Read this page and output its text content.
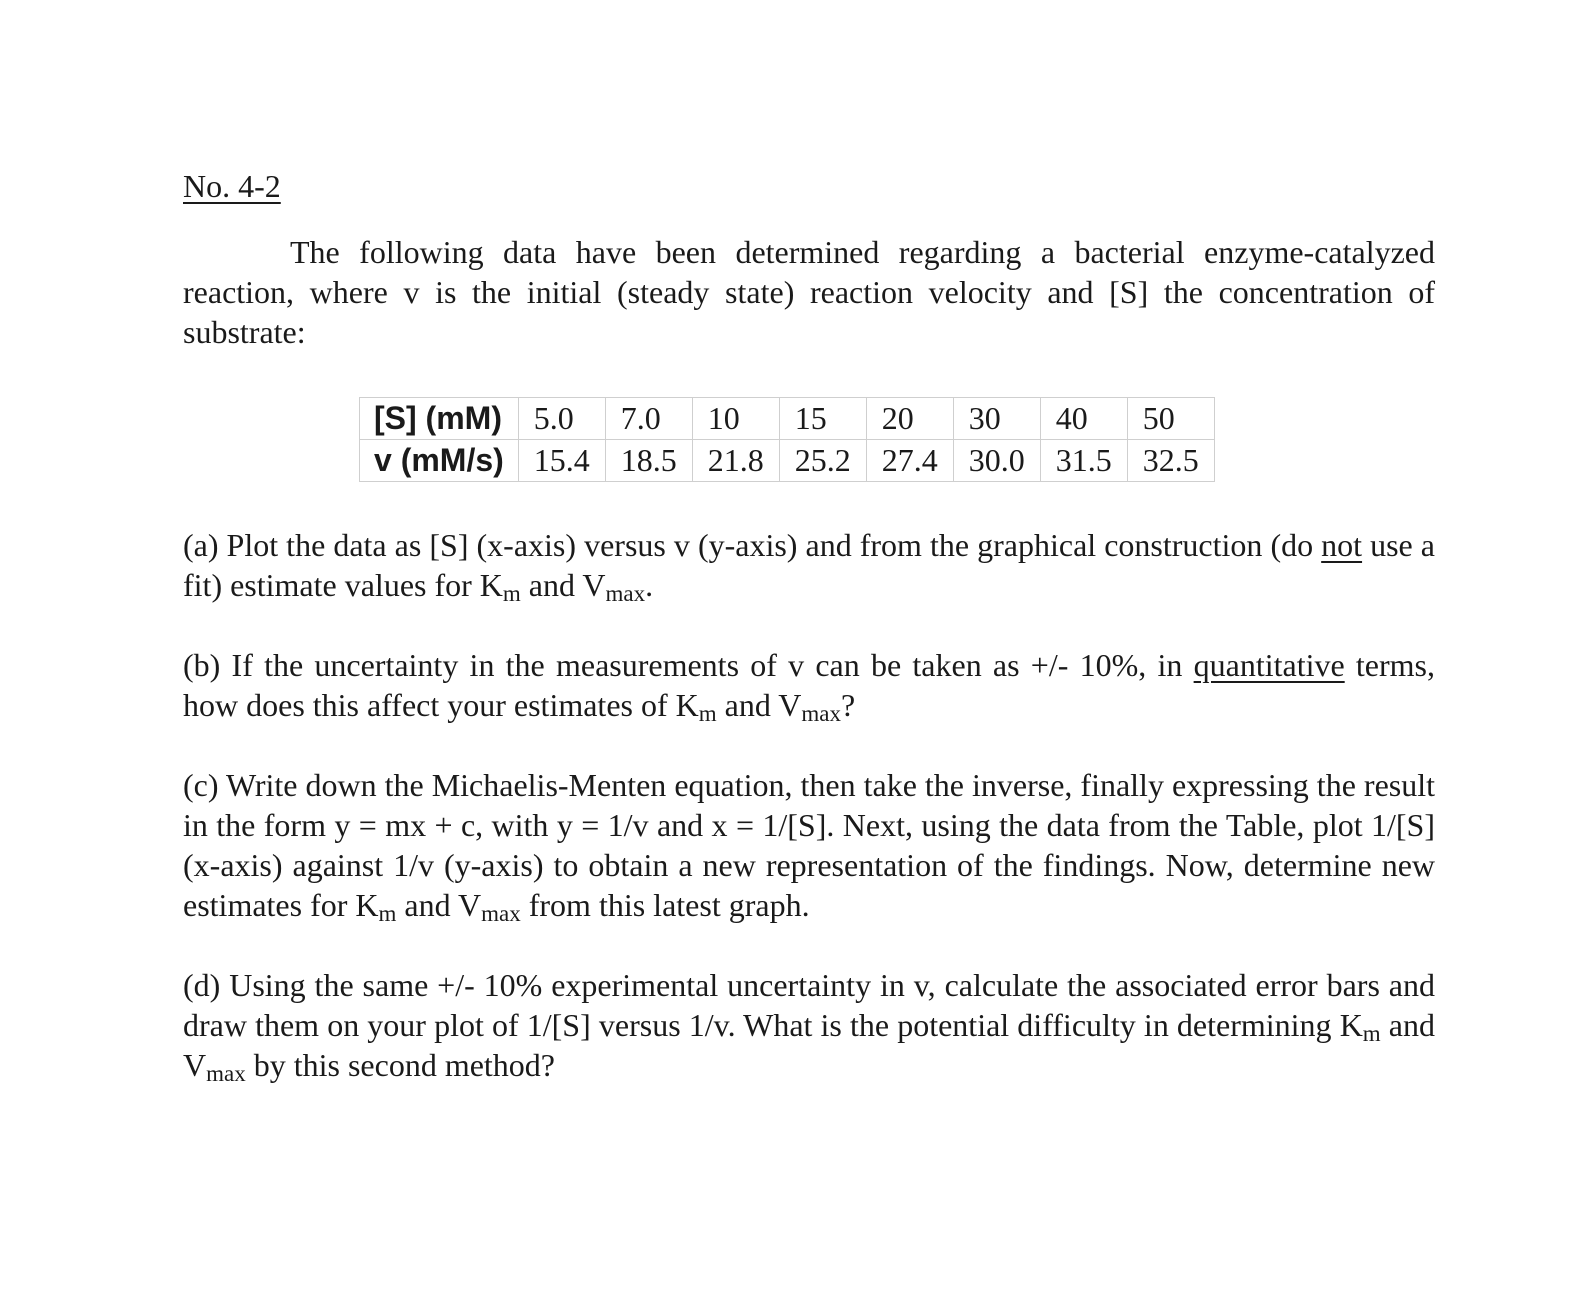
No. 4-2

The following data have been determined regarding a bacterial enzyme-catalyzed reaction, where v is the initial (steady state) reaction velocity and [S] the concentration of substrate:

[S] (mM)	5.0	7.0	10	15	20	30	40	50
v (mM/s)	15.4	18.5	21.8	25.2	27.4	30.0	31.5	32.5

(a) Plot the data as [S] (x-axis) versus v (y-axis) and from the graphical construction (do not use a fit) estimate values for $K_m$ and $V_{max}$.

(b) If the uncertainty in the measurements of v can be taken as +/- 10%, in quantitative terms, how does this affect your estimates of $K_m$ and $V_{max}$?

(c) Write down the Michaelis-Menten equation, then take the inverse, finally expressing the result in the form y = mx + c, with y = 1/v and x = 1/[S]. Next, using the data from the Table, plot 1/[S] (x-axis) against 1/v (y-axis) to obtain a new representation of the findings. Now, determine new estimates for $K_m$ and $V_{max}$ from this latest graph.

(d) Using the same +/- 10% experimental uncertainty in v, calculate the associated error bars and draw them on your plot of 1/[S] versus 1/v. What is the potential difficulty in determining $K_m$ and $V_{max}$ by this second method?
